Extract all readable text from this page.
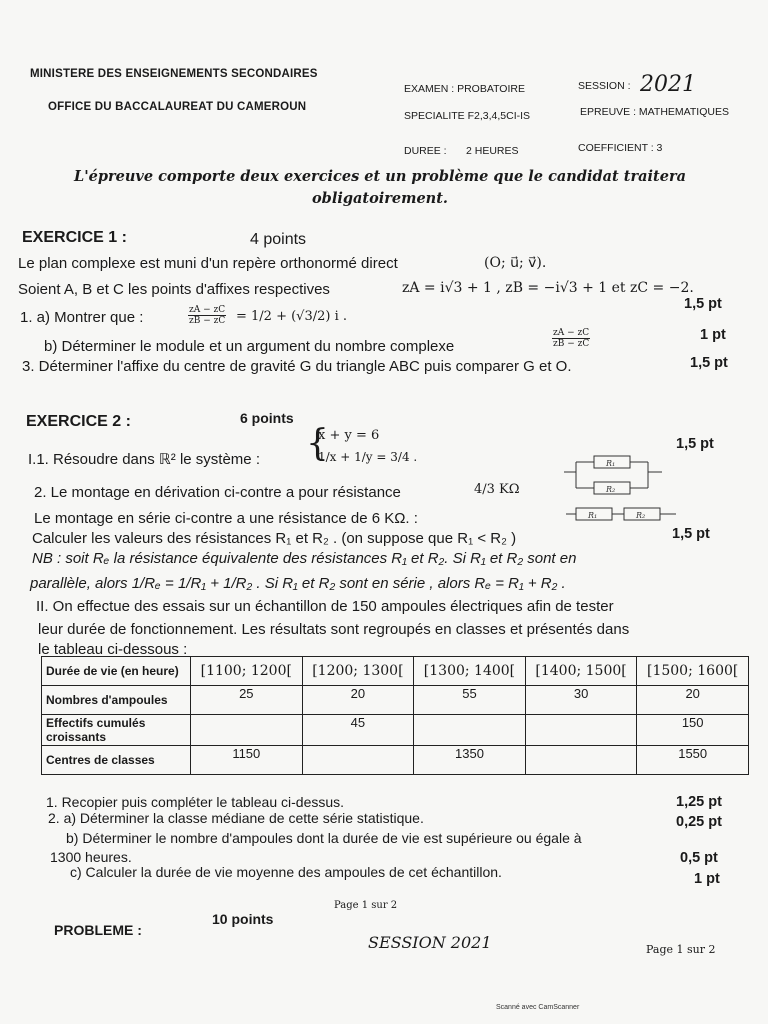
MINISTERE DES ENSEIGNEMENTS SECONDAIRES
OFFICE DU BACCALAUREAT DU CAMEROUN
EXAMEN : PROBATOIRE	SESSION : 2021
SPECIALITE F2,3,4,5CI-IS	EPREUVE : MATHEMATIQUES
DUREE : 2 HEURES	COEFFICIENT : 3
L'épreuve comporte deux exercices et un problème que le candidat traitera
obligatoirement.
EXERCICE 1 :	4 points
Le plan complexe est muni d'un repère orthonormé direct	(O; u⃗; v⃗).
Soient A, B et C les points d'affixes respectives	zA = i√3 + 1 , zB = −i√3 + 1 et zC = −2.
1,5 pt
1. a) Montrer que :	$\frac{zA - zC}{zB - zC} = 1/2 + (√3/2)$ i .
b) Déterminer le module et un argument du nombre complexe	$\frac{zA - zC}{zB - zC}$	1 pt
3. Déterminer l'affixe du centre de gravité G du triangle ABC puis comparer G et O.	1,5 pt
EXERCICE 2 :	6 points
I.1. Résoudre dans ℝ² le système : {
x + y = 6
1/x + 1/y = 3/4 .
1,5 pt
R₁
R₂
2. Le montage en dérivation ci-contre a pour résistance	4/3 KΩ
R₁	R₂
Le montage en série ci-contre a une résistance de 6 KΩ. :
Calculer les valeurs des résistances R₁ et R₂ . (on suppose que R₁ < R₂ )	1,5 pt
NB : soit Rₑ la résistance équivalente des résistances R₁ et R₂. Si R₁ et R₂ sont en
parallèle, alors 1/Rₑ = 1/R₁ + 1/R₂ . Si R₁ et R₂ sont en série , alors Rₑ = R₁ + R₂ .
II. On effectue des essais sur un échantillon de 150 ampoules électriques afin de tester
leur durée de fonctionnement. Les résultats sont regroupés en classes et présentés dans
le tableau ci-dessous :
Durée de vie (en heure)	[1100; 1200[	[1200; 1300[	[1300; 1400[	[1400; 1500[	[1500; 1600[
Nombres d'ampoules	25	20	55	30	20
Effectifs cumulés croissants		45			150
Centres de classes	1150		1350		1550
1. Recopier puis compléter le tableau ci-dessus.	1,25 pt
2. a) Déterminer la classe médiane de cette série statistique.	0,25 pt
b) Déterminer le nombre d'ampoules dont la durée de vie est supérieure ou égale à
1300 heures.	0,5 pt
c) Calculer la durée de vie moyenne des ampoules de cet échantillon.	1 pt
Page 1 sur 2
PROBLEME :
10 points
SESSION 2021	Page 1 sur 2
Scanné avec CamScanner
